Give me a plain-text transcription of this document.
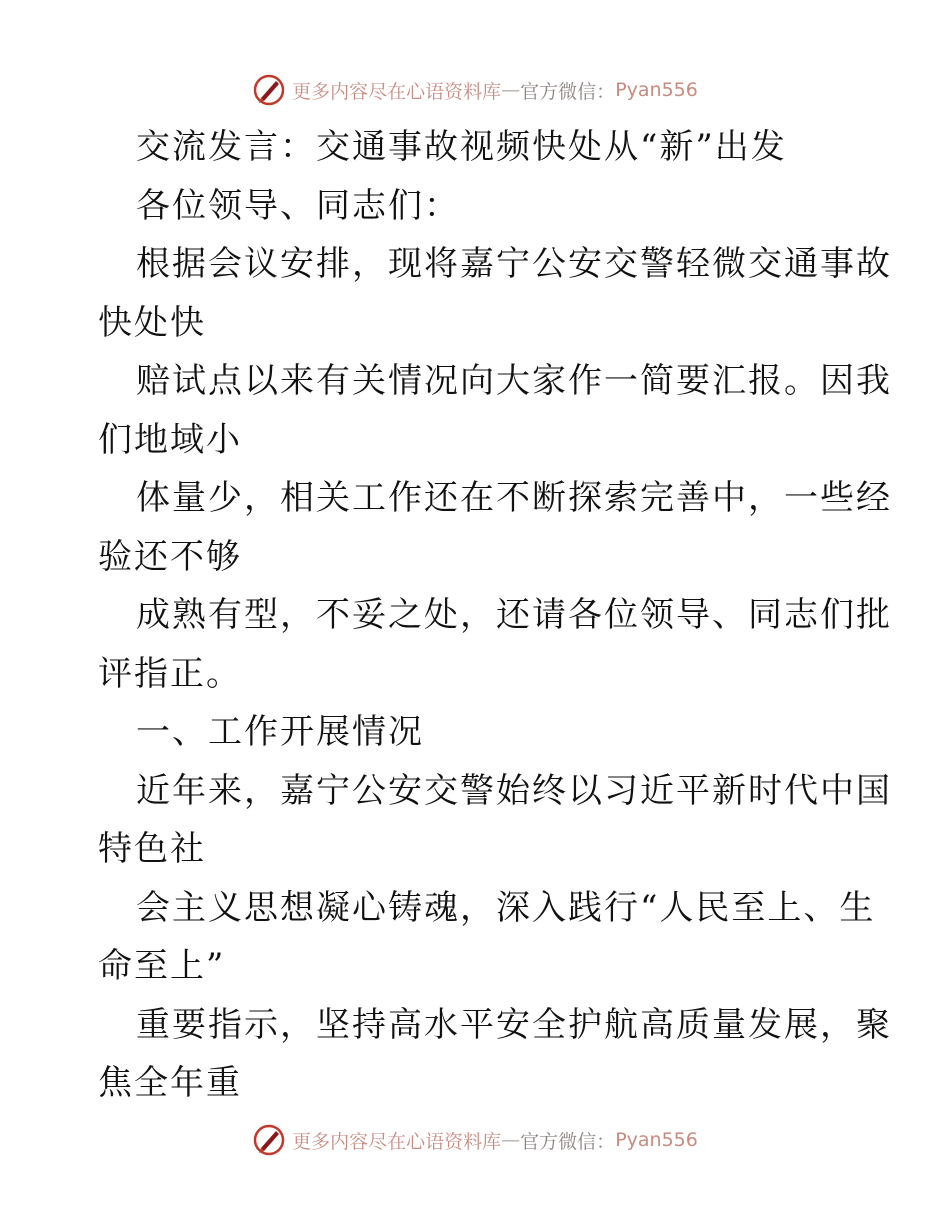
更多内容尽在心语资料库 — 官方微信： Pyan556
交流发言：交通事故视频快处从“新”出发
各位领导、同志们：
根据会议安排，现将嘉宁公安交警轻微交通事故
快处快
赔试点以来有关情况向大家作一简要汇报。因我
们地域小
体量少，相关工作还在不断探索完善中，一些经
验还不够
成熟有型，不妥之处，还请各位领导、同志们批
评指正。
一、工作开展情况
近年来，嘉宁公安交警始终以习近平新时代中国
特色社
会主义思想凝心铸魂，深入践行“人民至上、生
命至上”
重要指示，坚持高水平安全护航高质量发展，聚
焦全年重
更多内容尽在心语资料库 — 官方微信： Pyan556
